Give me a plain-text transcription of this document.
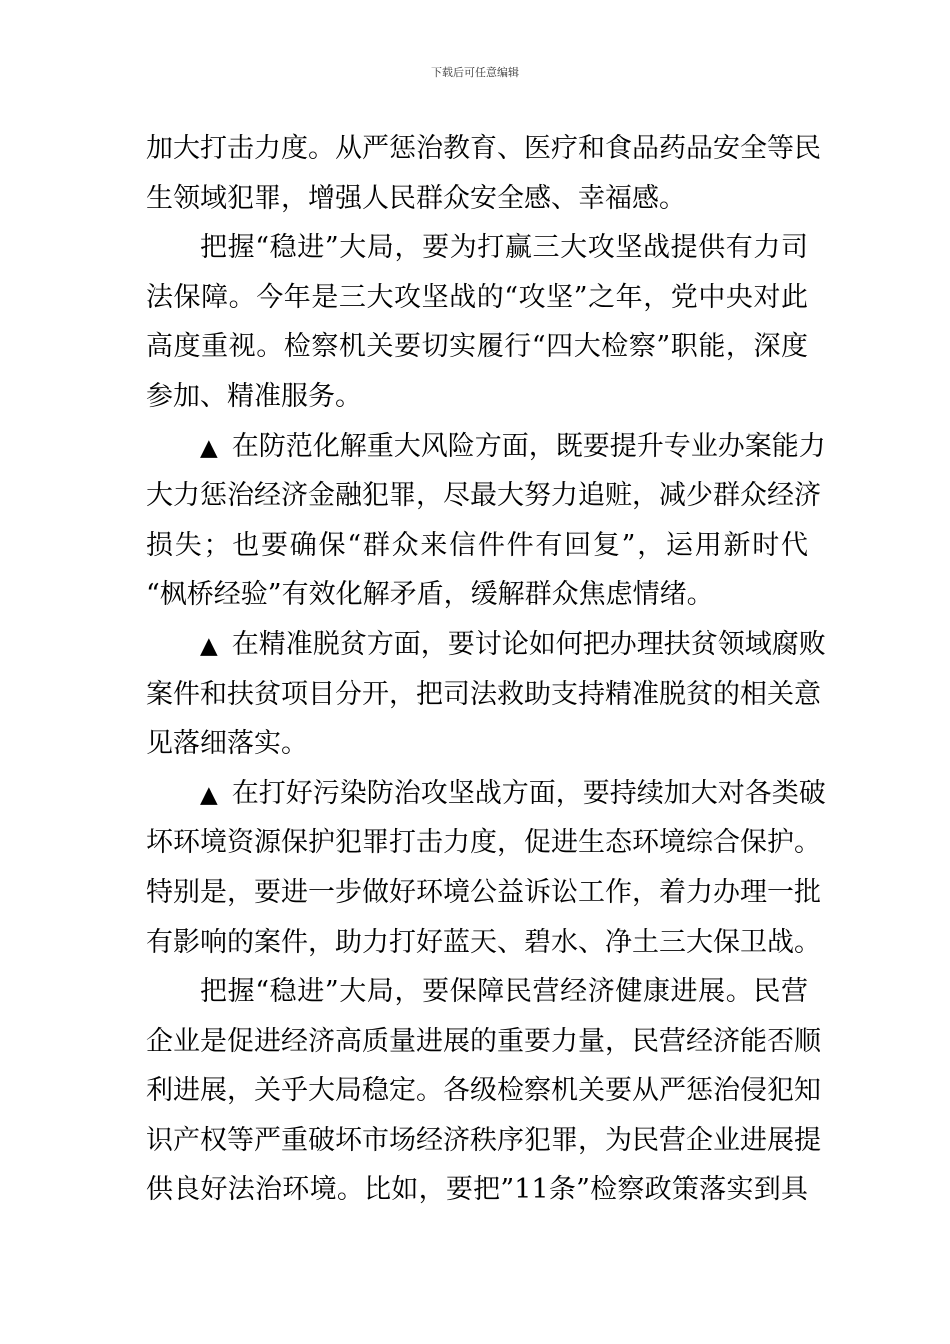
下载后可任意编辑
加大打击力度。从严惩治教育、医疗和食品药品安全等民
生领域犯罪，增强人民群众安全感、幸福感。
把握“稳进”大局，要为打赢三大攻坚战提供有力司
法保障。今年是三大攻坚战的“攻坚”之年，党中央对此
高度重视。检察机关要切实履行“四大检察”职能，深度
参加、精准服务。
▲ 在防范化解重大风险方面，既要提升专业办案能力
大力惩治经济金融犯罪，尽最大努力追赃，减少群众经济
损失；也要确保“群众来信件件有回复”，运用新时代
“枫桥经验”有效化解矛盾，缓解群众焦虑情绪。
▲ 在精准脱贫方面，要讨论如何把办理扶贫领域腐败
案件和扶贫项目分开，把司法救助支持精准脱贫的相关意
见落细落实。
▲ 在打好污染防治攻坚战方面，要持续加大对各类破
坏环境资源保护犯罪打击力度，促进生态环境综合保护。
特别是，要进一步做好环境公益诉讼工作，着力办理一批
有影响的案件，助力打好蓝天、碧水、净土三大保卫战。
把握“稳进”大局，要保障民营经济健康进展。民营
企业是促进经济高质量进展的重要力量，民营经济能否顺
利进展，关乎大局稳定。各级检察机关要从严惩治侵犯知
识产权等严重破坏市场经济秩序犯罪，为民营企业进展提
供良好法治环境。比如，要把”11条”检察政策落实到具
